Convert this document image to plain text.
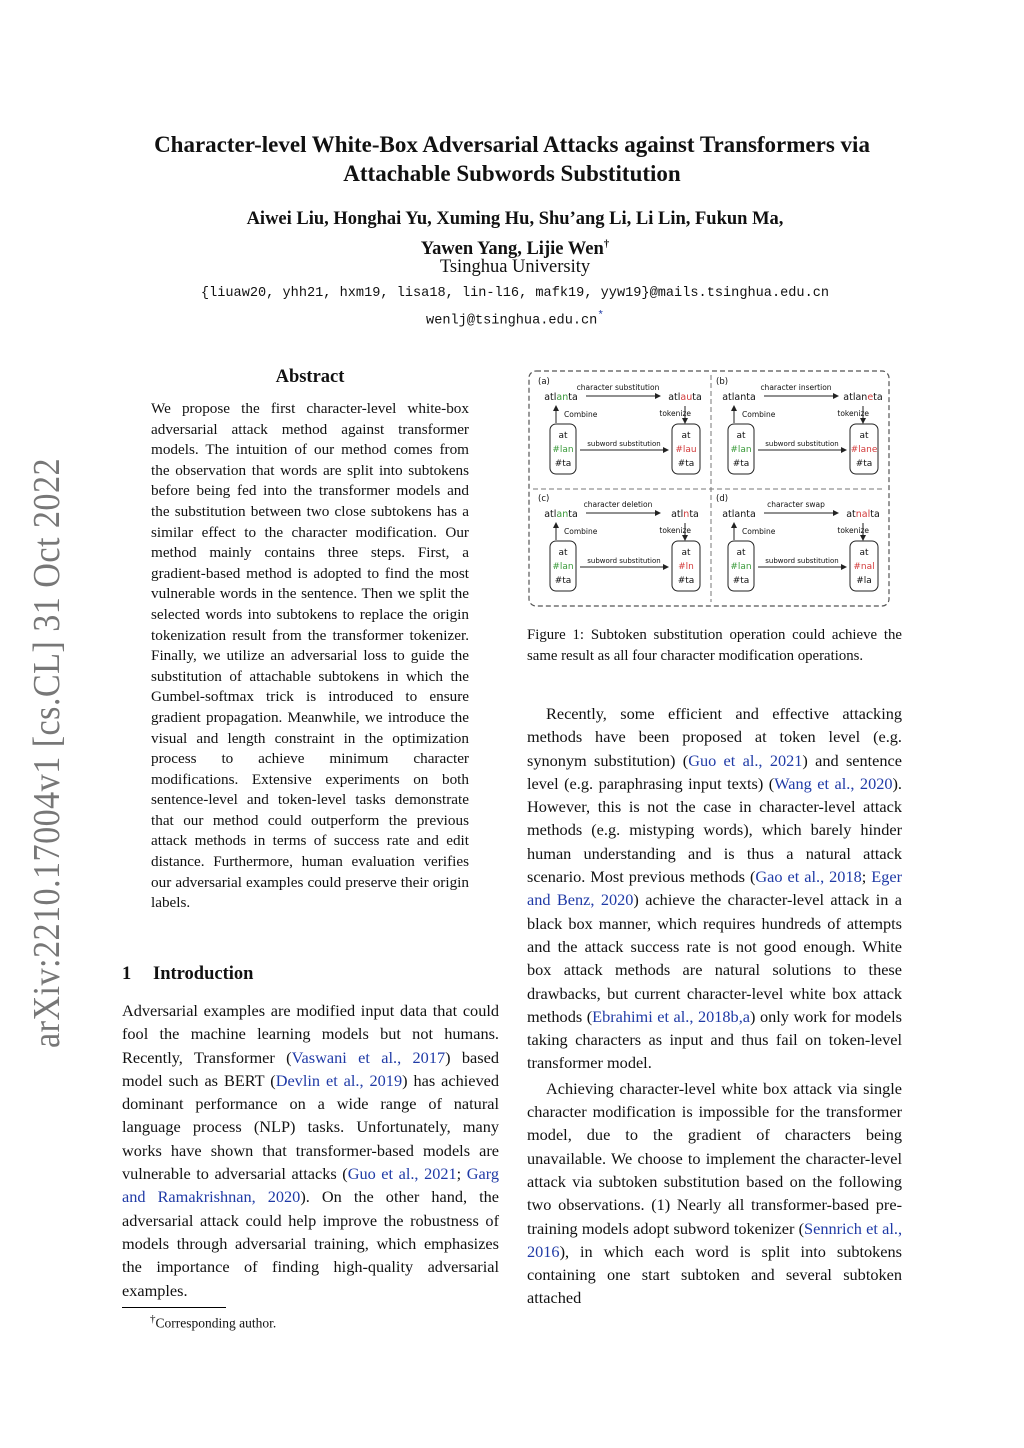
arXiv:2210.17004v1 [cs.CL] 31 Oct 2022
Character-level White-Box Adversarial Attacks against Transformers via
Attachable Subwords Substitution
Aiwei Liu, Honghai Yu, Xuming Hu, Shu’ang Li, Li Lin, Fukun Ma,
Yawen Yang, Lijie Wen†
Tsinghua University
{liuaw20, yhh21, hxm19, lisa18, lin-l16, mafk19, yyw19}@mails.tsinghua.edu.cn
wenlj@tsinghua.edu.cn*
Abstract
We propose the first character-level white-box adversarial attack method against transformer models. The intuition of our method comes from the observation that words are split into subtokens before being fed into the transformer models and the substitution between two close subtokens has a similar effect to the character modification. Our method mainly contains three steps. First, a gradient-based method is adopted to find the most vulnerable words in the sentence. Then we split the selected words into subtokens to replace the origin tokenization result from the transformer tokenizer. Finally, we utilize an adversarial loss to guide the substitution of attachable subtokens in which the Gumbel-softmax trick is introduced to ensure gradient propagation. Meanwhile, we introduce the visual and length constraint in the optimization process to achieve minimum character modifications. Extensive experiments on both sentence-level and token-level tasks demonstrate that our method could outperform the previous attack methods in terms of success rate and edit distance. Furthermore, human evaluation verifies our adversarial examples could preserve their origin labels.
1 Introduction

Adversarial examples are modified input data that could fool the machine learning models but not humans. Recently, Transformer (Vaswani et al., 2017) based model such as BERT (Devlin et al., 2019) has achieved dominant performance on a wide range of natural language process (NLP) tasks. Unfortunately, many works have shown that transformer-based models are vulnerable to adversarial attacks (Guo et al., 2021; Garg and Ramakrishnan, 2020). On the other hand, the adversarial attack could help improve the robustness of models through adversarial training, which emphasizes the importance of finding high-quality adversarial examples.

†Corresponding author.
(a)
character substitution
atlanta	atlauta
Combine	tokenize
at
#lan
#ta
at
#lau
#ta
subword substitution
(b)
character insertion
atlanta	atlaneta
Combine	tokenize
at
#lan
#ta
at
#lane
#ta
subword substitution
(c)
character deletion
atlanta	atlnta
Combine	tokenize
at
#lan
#ta
at
#ln
#ta
subword substitution
(d)
character swap
atlanta	atnalta
Combine	tokenize
at
#lan
#ta
at
#nal
#la
subword substitution
Figure 1: Subtoken substitution operation could achieve the same result as all four character modification operations.

Recently, some efficient and effective attacking methods have been proposed at token level (e.g. synonym substitution) (Guo et al., 2021) and sentence level (e.g. paraphrasing input texts) (Wang et al., 2020). However, this is not the case in character-level attack methods (e.g. mistyping words), which barely hinder human understanding and is thus a natural attack scenario. Most previous methods (Gao et al., 2018; Eger and Benz, 2020) achieve the character-level attack in a black box manner, which requires hundreds of attempts and the attack success rate is not good enough. White box attack methods are natural solutions to these drawbacks, but current character-level white box attack methods (Ebrahimi et al., 2018b,a) only work for models taking characters as input and thus fail on token-level transformer model.

Achieving character-level white box attack via single character modification is impossible for the transformer model, due to the gradient of characters being unavailable. We choose to implement the character-level attack via subtoken substitution based on the following two observations. (1) Nearly all transformer-based pre-training models adopt subword tokenizer (Sennrich et al., 2016), in which each word is split into subtokens containing one start subtoken and several subtoken attached
